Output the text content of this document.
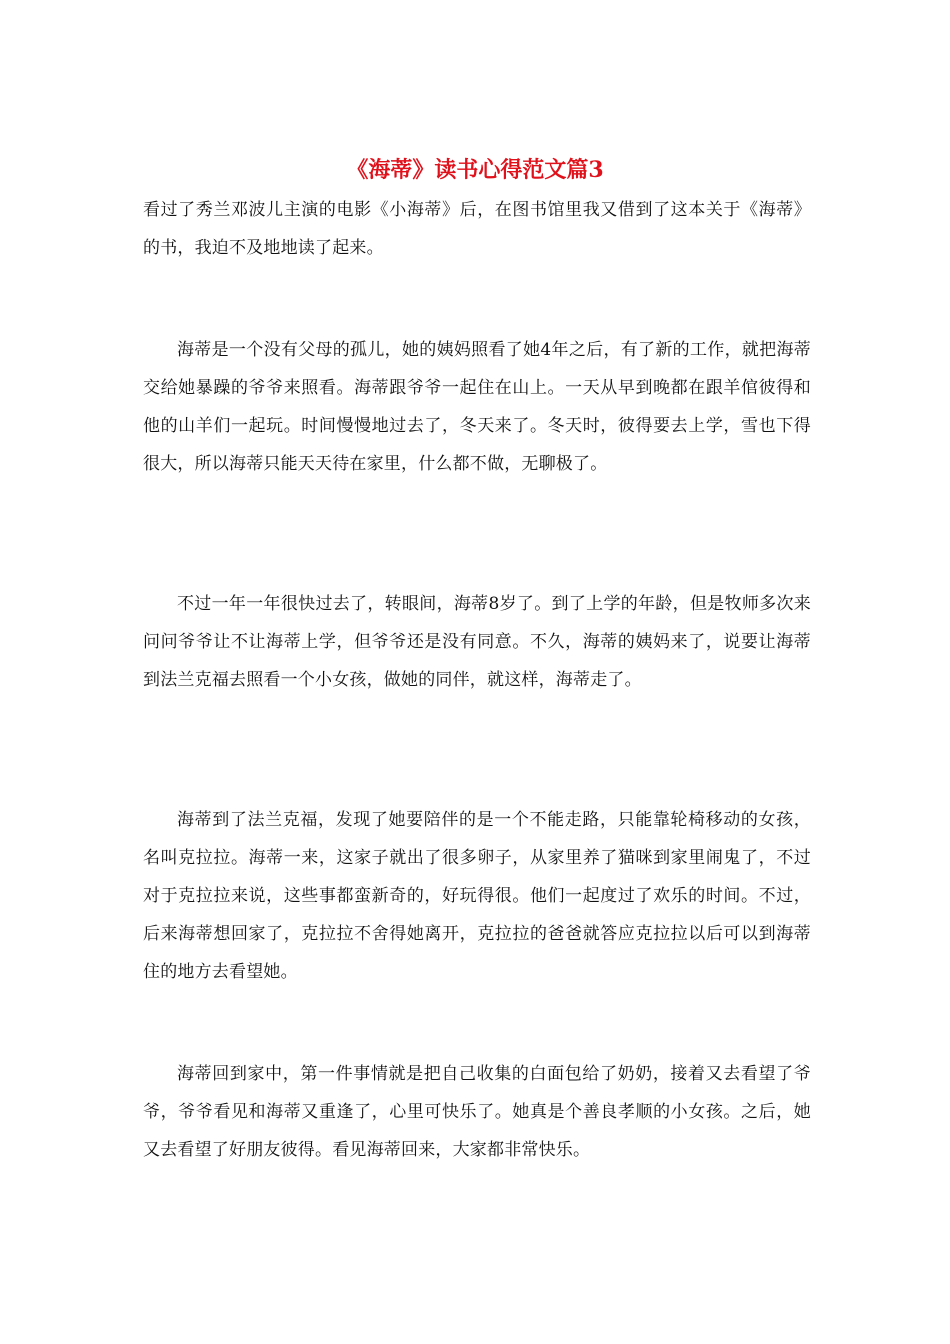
《海蒂》读书心得范文篇3

看过了秀兰邓波儿主演的电影《小海蒂》后，在图书馆里我又借到了这本关于《海蒂》的书，我迫不及地地读了起来。

海蒂是一个没有父母的孤儿，她的姨妈照看了她4年之后，有了新的工作，就把海蒂交给她暴躁的爷爷来照看。海蒂跟爷爷一起住在山上。一天从早到晚都在跟羊倌彼得和他的山羊们一起玩。时间慢慢地过去了，冬天来了。冬天时，彼得要去上学，雪也下得很大，所以海蒂只能天天待在家里，什么都不做，无聊极了。

不过一年一年很快过去了，转眼间，海蒂8岁了。到了上学的年龄，但是牧师多次来问问爷爷让不让海蒂上学，但爷爷还是没有同意。不久，海蒂的姨妈来了，说要让海蒂到法兰克福去照看一个小女孩，做她的同伴，就这样，海蒂走了。

海蒂到了法兰克福，发现了她要陪伴的是一个不能走路，只能靠轮椅移动的女孩，名叫克拉拉。海蒂一来，这家子就出了很多卵子，从家里养了猫咪到家里闹鬼了，不过对于克拉拉来说，这些事都蛮新奇的，好玩得很。他们一起度过了欢乐的时间。不过，后来海蒂想回家了，克拉拉不舍得她离开，克拉拉的爸爸就答应克拉拉以后可以到海蒂住的地方去看望她。

海蒂回到家中，第一件事情就是把自己收集的白面包给了奶奶，接着又去看望了爷爷，爷爷看见和海蒂又重逢了，心里可快乐了。她真是个善良孝顺的小女孩。之后，她又去看望了好朋友彼得。看见海蒂回来，大家都非常快乐。
